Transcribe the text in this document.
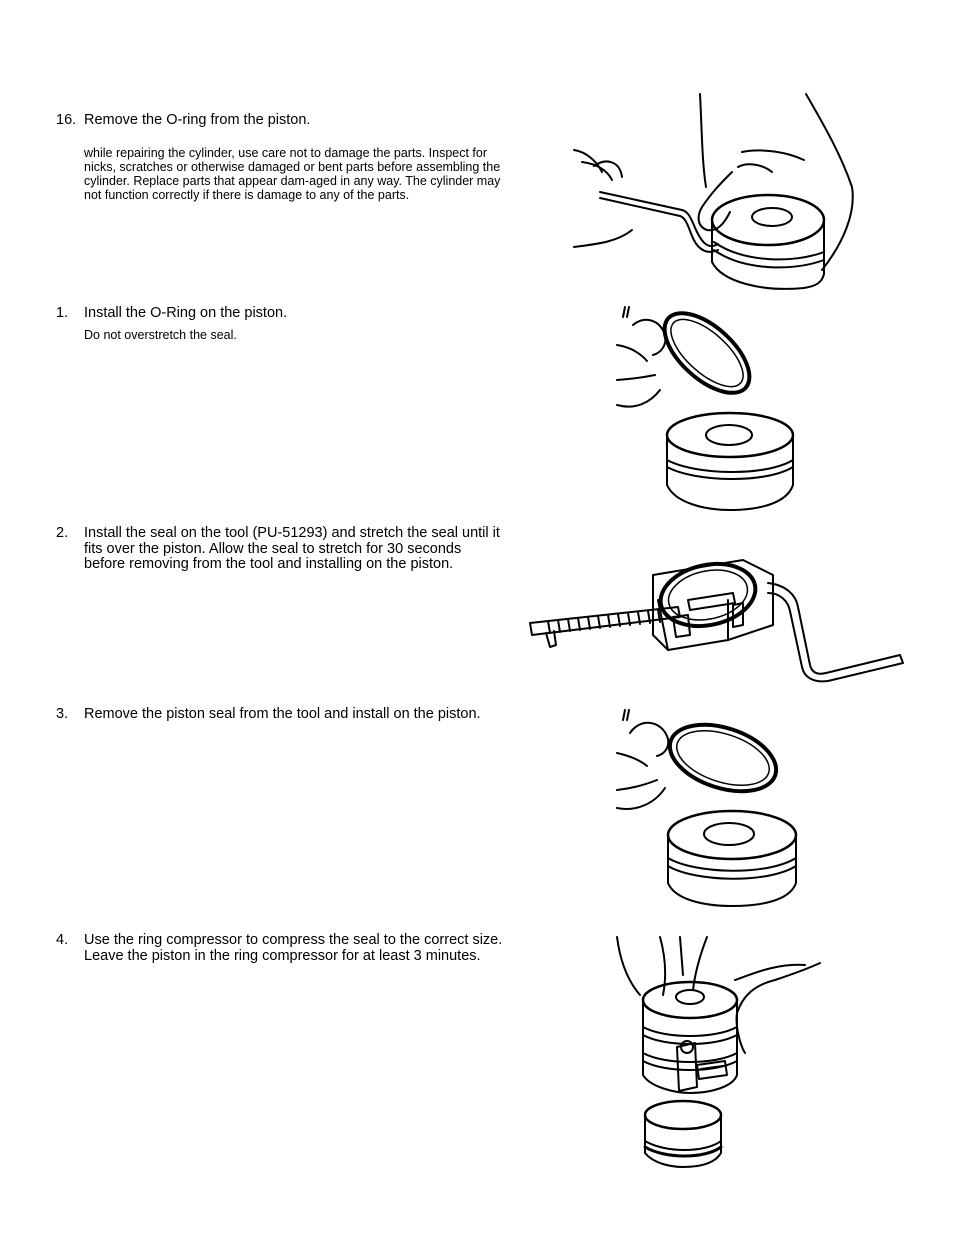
16. Remove the O-ring from the piston.
while repairing the cylinder, use care not to damage the parts. Inspect for nicks, scratches or otherwise damaged or bent parts before assembling the cylinder. Replace parts that appear dam-aged in any way. The cylinder may not function correctly if there is damage to any of the parts.
1.	Install the O-Ring on the piston.
Do not overstretch the seal.
2.	Install the seal on the tool (PU-51293) and stretch the seal until it fits over the piston. Allow the seal to stretch for 30 seconds before removing from the tool and installing on the piston.
3.	Remove the piston seal from the tool and install on the piston.
4.	Use the ring compressor to compress the seal to the correct size. Leave the piston in the ring compressor for at least 3 minutes.
